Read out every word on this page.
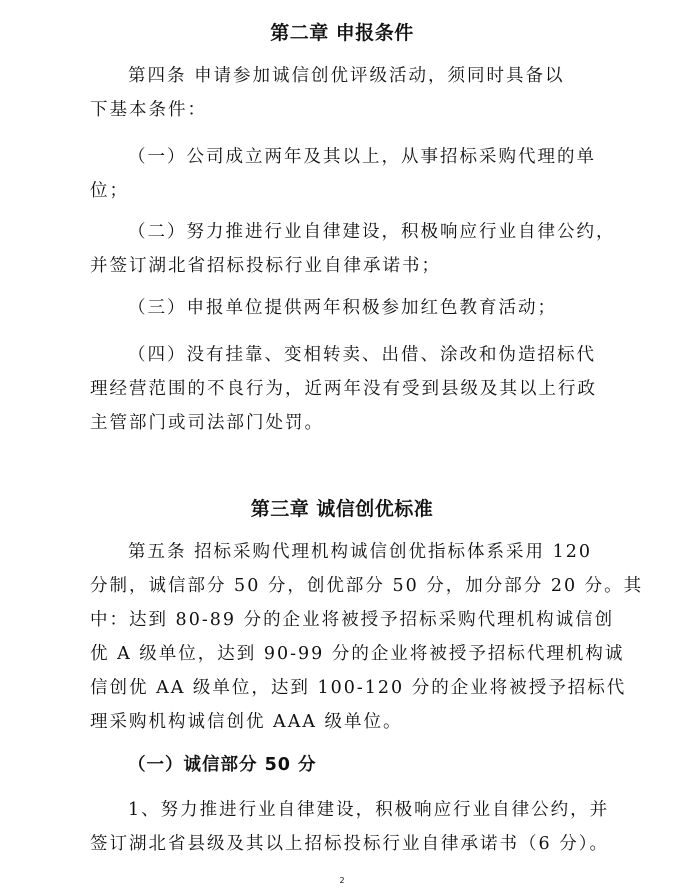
第二章 申报条件
第四条 申请参加诚信创优评级活动，须同时具备以
下基本条件：
（一）公司成立两年及其以上，从事招标采购代理的单
位；
（二）努力推进行业自律建设，积极响应行业自律公约，
并签订湖北省招标投标行业自律承诺书；
（三）申报单位提供两年积极参加红色教育活动；
（四）没有挂靠、变相转卖、出借、涂改和伪造招标代
理经营范围的不良行为，近两年没有受到县级及其以上行政
主管部门或司法部门处罚。
第三章 诚信创优标准
第五条 招标采购代理机构诚信创优指标体系采用 120
分制，诚信部分 50 分，创优部分 50 分，加分部分 20 分。其
中：达到 80-89 分的企业将被授予招标采购代理机构诚信创
优 A 级单位，达到 90-99 分的企业将被授予招标代理机构诚
信创优 AA 级单位，达到 100-120 分的企业将被授予招标代
理采购机构诚信创优 AAA 级单位。
（一）诚信部分 50 分
1、努力推进行业自律建设，积极响应行业自律公约，并
签订湖北省县级及其以上招标投标行业自律承诺书（6 分）。
2
